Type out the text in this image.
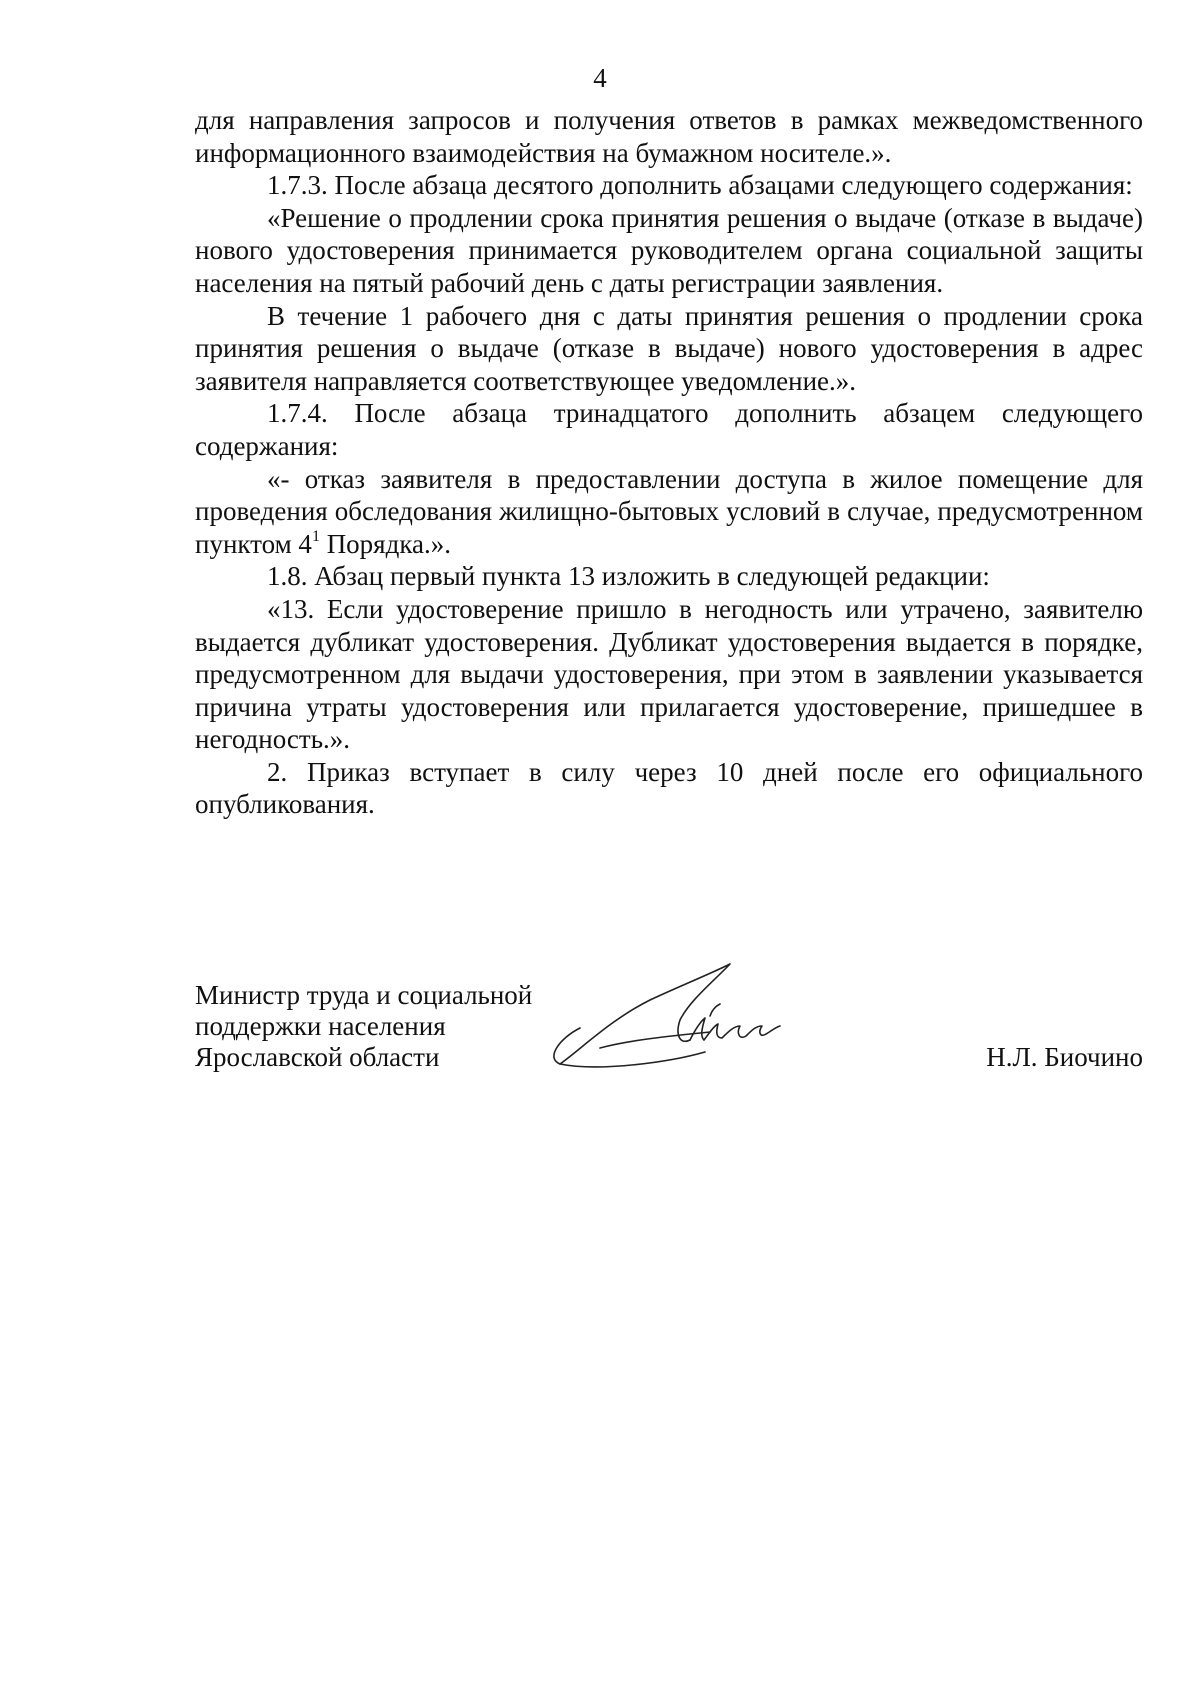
4

для направления запросов и получения ответов в рамках межведомственного информационного взаимодействия на бумажном носителе.».

1.7.3. После абзаца десятого дополнить абзацами следующего содержания:

«Решение о продлении срока принятия решения о выдаче (отказе в выдаче) нового удостоверения принимается руководителем органа социальной защиты населения на пятый рабочий день с даты регистрации заявления.

В течение 1 рабочего дня с даты принятия решения о продлении срока принятия решения о выдаче (отказе в выдаче) нового удостоверения в адрес заявителя направляется соответствующее уведомление.».

1.7.4. После абзаца тринадцатого дополнить абзацем следующего содержания:

«- отказ заявителя в предоставлении доступа в жилое помещение для проведения обследования жилищно-бытовых условий в случае, предусмотренном пунктом $4^1$ Порядка.».

1.8. Абзац первый пункта 13 изложить в следующей редакции:

«13. Если удостоверение пришло в негодность или утрачено, заявителю выдается дубликат удостоверения. Дубликат удостоверения выдается в порядке, предусмотренном для выдачи удостоверения, при этом в заявлении указывается причина утраты удостоверения или прилагается удостоверение, пришедшее в негодность.».

2. Приказ вступает в силу через 10 дней после его официального опубликования.

Министр труда и социальной
поддержки населения
Ярославской области	Н.Л. Биочино
